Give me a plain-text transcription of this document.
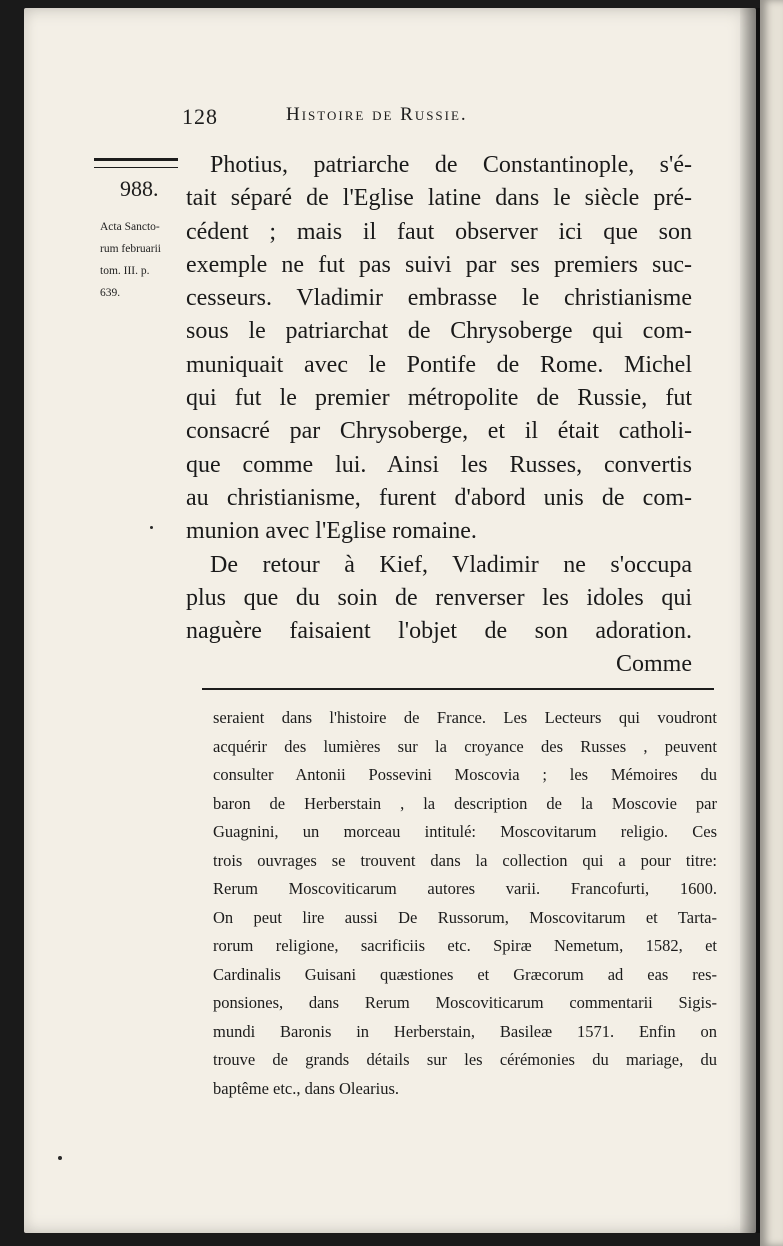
128	Histoire de Russie.
988.
Acta Sancto-
rum februarii
tom. III. p.
639.
Photius, patriarche de Constantinople, s'é-
tait séparé de l'Eglise latine dans le siècle pré-
cédent ; mais il faut observer ici que son
exemple ne fut pas suivi par ses premiers suc-
cesseurs. Vladimir embrasse le christianisme
sous le patriarchat de Chrysoberge qui com-
muniquait avec le Pontife de Rome. Michel
qui fut le premier métropolite de Russie, fut
consacré par Chrysoberge, et il était catholi-
que comme lui. Ainsi les Russes, convertis
au christianisme, furent d'abord unis de com-
munion avec l'Eglise romaine.
De retour à Kief, Vladimir ne s'occupa
plus que du soin de renverser les idoles qui
naguère faisaient l'objet de son adoration.
Comme
seraient dans l'histoire de France. Les Lecteurs qui voudront
acquérir des lumières sur la croyance des Russes , peuvent
consulter Antonii Possevini Moscovia ; les Mémoires du
baron de Herberstain , la description de la Moscovie par
Guagnini, un morceau intitulé: Moscovitarum religio. Ces
trois ouvrages se trouvent dans la collection qui a pour titre:
Rerum Moscoviticarum autores varii. Francofurti, 1600.
On peut lire aussi De Russorum, Moscovitarum et Tarta-
rorum religione, sacrificiis etc. Spiræ Nemetum, 1582, et
Cardinalis Guisani quæstiones et Græcorum ad eas res-
ponsiones, dans Rerum Moscoviticarum commentarii Sigis-
mundi Baronis in Herberstain, Basileæ 1571. Enfin on
trouve de grands détails sur les cérémonies du mariage, du
baptême etc., dans Olearius.
